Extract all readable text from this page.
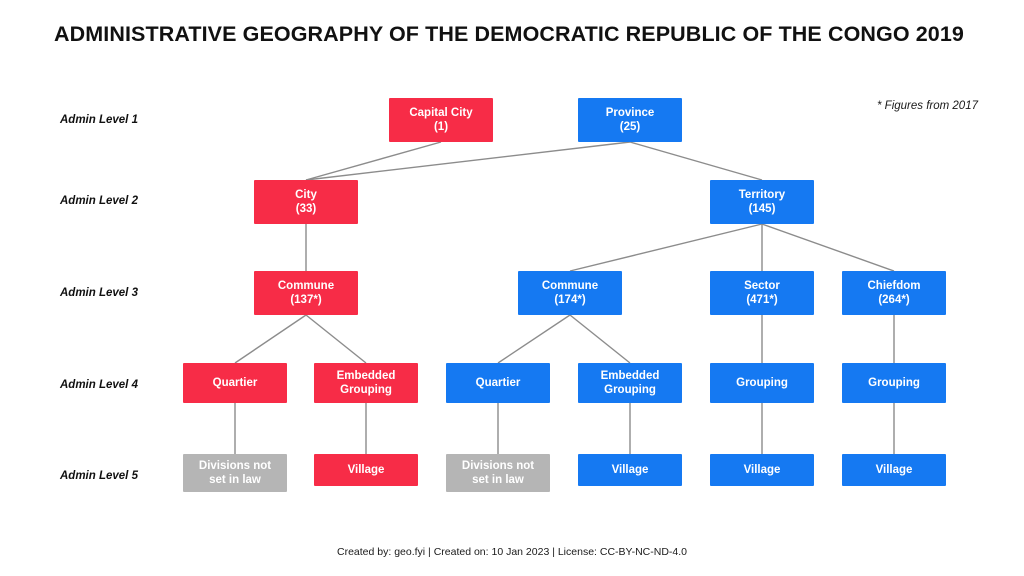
ADMINISTRATIVE GEOGRAPHY OF THE DEMOCRATIC REPUBLIC OF THE CONGO 2019
* Figures from 2017
Admin Level 1
Admin Level 2
Admin Level 3
Admin Level 4
Admin Level 5
Capital City
(1)
Province
(25)
City
(33)
Territory
(145)
Commune
(137*)
Commune
(174*)
Sector
(471*)
Chiefdom
(264*)
Quartier
Embedded
Grouping
Quartier
Embedded
Grouping
Grouping	Grouping
Divisions not
set in law
Village	Divisions not
set in law
Village	Village	Village
Created by: geo.fyi | Created on: 10 Jan 2023 | License: CC-BY-NC-ND-4.0
